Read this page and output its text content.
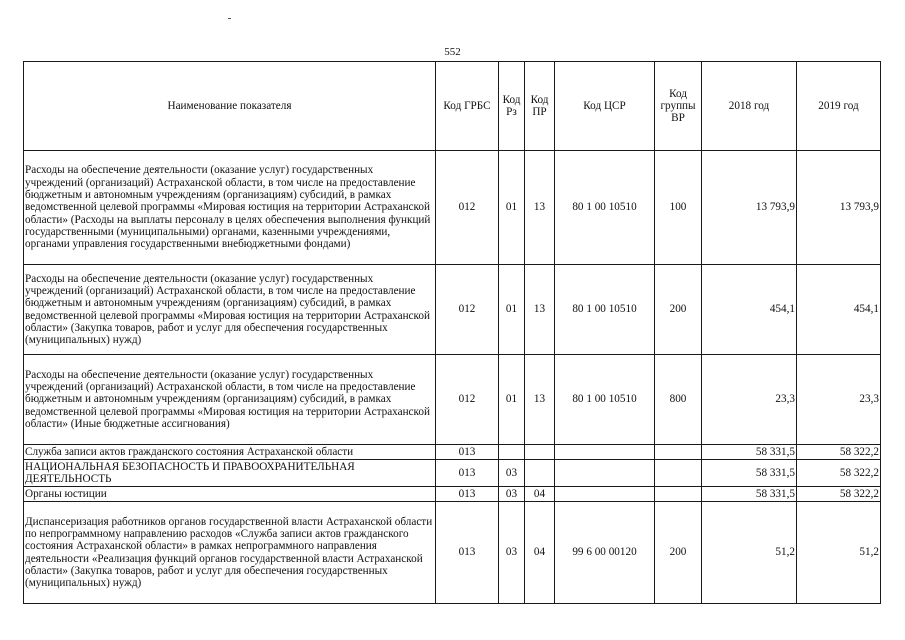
552
Наименование показателя	Код ГРБС	Код Рз	Код ПР	Код ЦСР	Код группы ВР	2018 год	2019 год
Расходы на обеспечение деятельности (оказание услуг) государственных учреждений (организаций) Астраханской области, в том числе на предоставление бюджетным и автономным учреждениям (организациям) субсидий, в рамках ведомственной целевой программы «Мировая юстиция на территории Астраханской области» (Расходы на выплаты персоналу в целях обеспечения выполнения функций государственными (муниципальными) органами, казенными учреждениями, органами управления государственными внебюджетными фондами)	012	01	13	80 1 00 10510	100	13 793,9	13 793,9
Расходы на обеспечение деятельности (оказание услуг) государственных учреждений (организаций) Астраханской области, в том числе на предоставление бюджетным и автономным учреждениям (организациям) субсидий, в рамках ведомственной целевой программы «Мировая юстиция на территории Астраханской области» (Закупка товаров, работ и услуг для обеспечения государственных (муниципальных) нужд)	012	01	13	80 1 00 10510	200	454,1	454,1
Расходы на обеспечение деятельности (оказание услуг) государственных учреждений (организаций) Астраханской области, в том числе на предоставление бюджетным и автономным учреждениям (организациям) субсидий, в рамках ведомственной целевой программы «Мировая юстиция на территории Астраханской области» (Иные бюджетные ассигнования)	012	01	13	80 1 00 10510	800	23,3	23,3
Служба записи актов гражданского состояния Астраханской области	013					58 331,5	58 322,2
НАЦИОНАЛЬНАЯ БЕЗОПАСНОСТЬ И ПРАВООХРАНИТЕЛЬНАЯ ДЕЯТЕЛЬНОСТЬ	013	03				58 331,5	58 322,2
Органы юстиции	013	03	04			58 331,5	58 322,2
Диспансеризация работников органов государственной власти Астраханской области по непрограммному направлению расходов «Служба записи актов гражданского состояния Астраханской области» в рамках непрограммного направления деятельности «Реализация функций органов государственной власти Астраханской области» (Закупка товаров, работ и услуг для обеспечения государственных (муниципальных) нужд)	013	03	04	99 6 00 00120	200	51,2	51,2
